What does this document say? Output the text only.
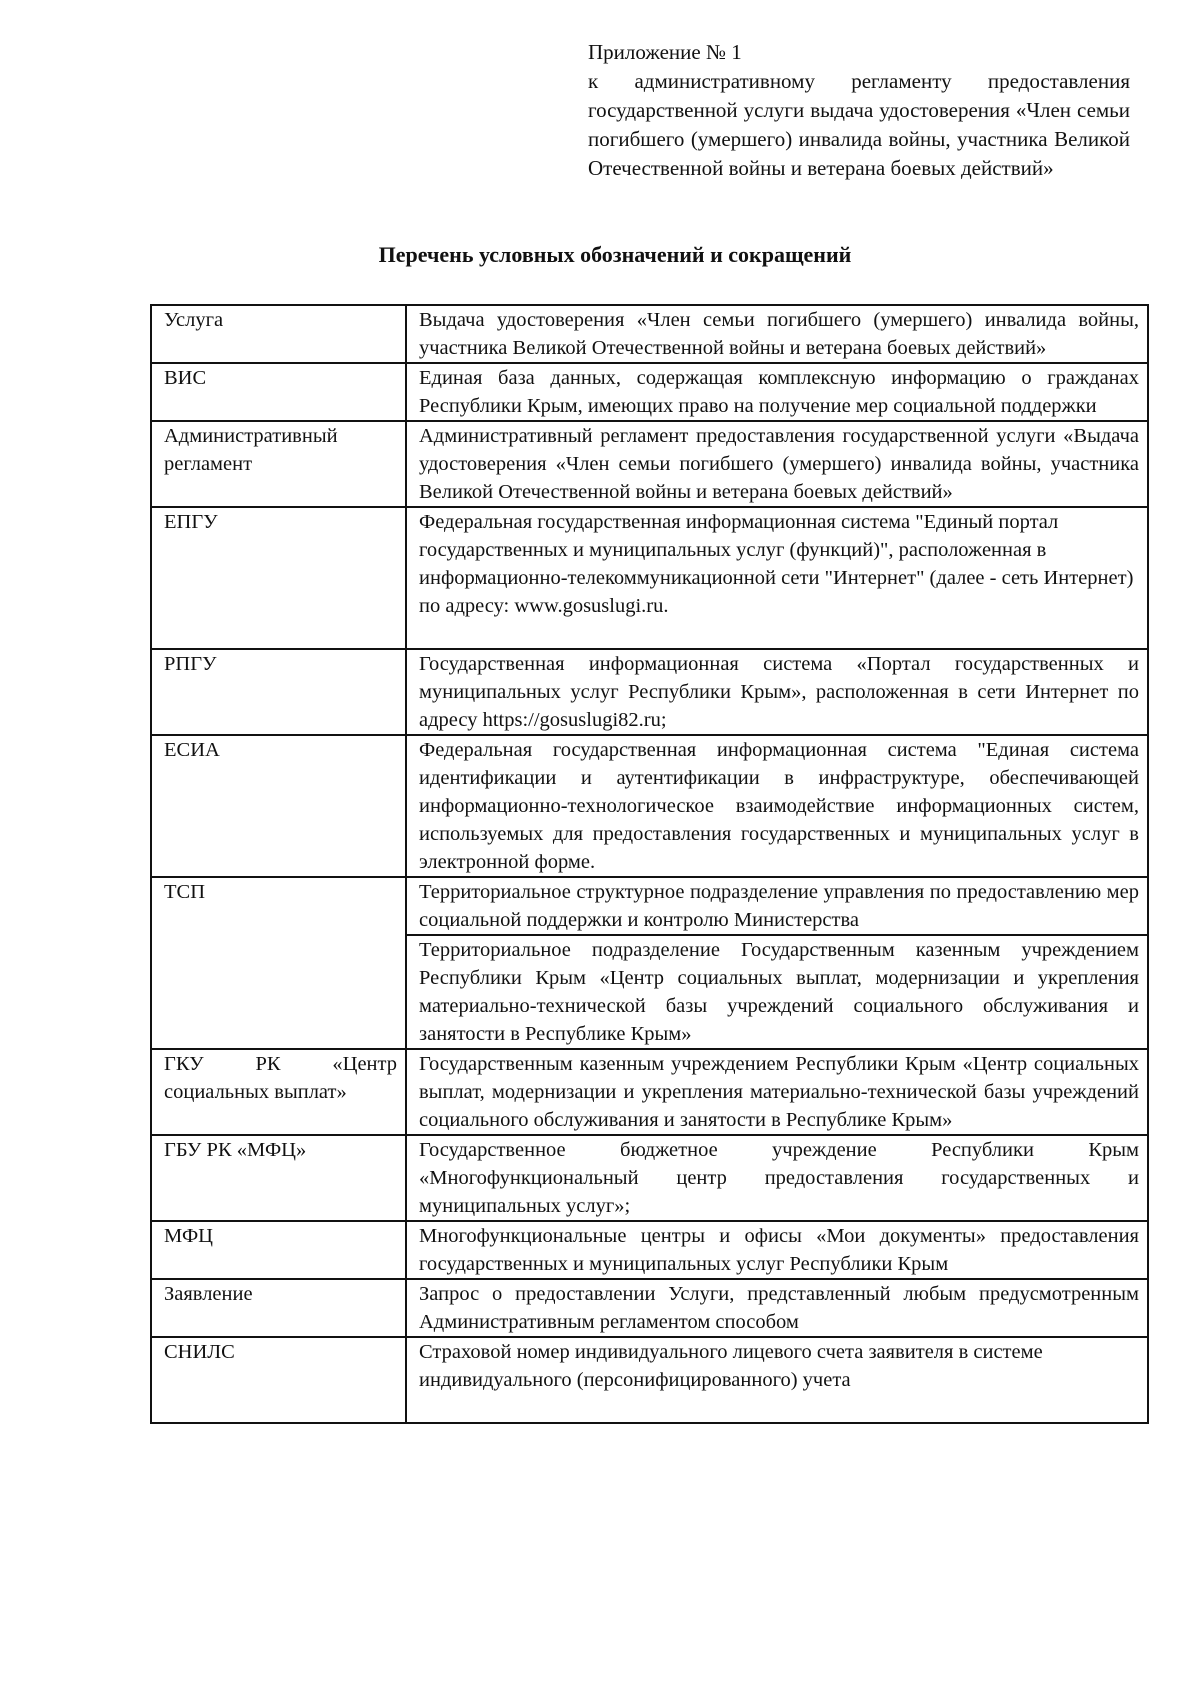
Приложение № 1

к административному регламенту предоставления государственной услуги выдача удостоверения «Член семьи погибшего (умершего) инвалида войны, участника Великой Отечественной войны и ветерана боевых действий»

Перечень условных обозначений и сокращений
Услуга	Выдача удостоверения «Член семьи погибшего (умершего) инвалида войны, участника Великой Отечественной войны и ветерана боевых действий»
ВИС	Единая база данных, содержащая комплексную информацию о гражданах Республики Крым, имеющих право на получение мер социальной поддержки
Административный регламент	Административный регламент предоставления государственной услуги «Выдача удостоверения «Член семьи погибшего (умершего) инвалида войны, участника Великой Отечественной войны и ветерана боевых действий»
ЕПГУ	Федеральная государственная информационная система "Единый портал государственных и муниципальных услуг (функций)", расположенная в информационно-телекоммуникационной сети "Интернет" (далее - сеть Интернет) по адресу: www.gosuslugi.ru.
РПГУ	Государственная информационная система «Портал государственных и муниципальных услуг Республики Крым», расположенная в сети Интернет по адресу https://gosuslugi82.ru;
ЕСИА	Федеральная государственная информационная система "Единая система идентификации и аутентификации в инфраструктуре, обеспечивающей информационно-технологическое взаимодействие информационных систем, используемых для предоставления государственных и муниципальных услуг в электронной форме.
ТСП	Территориальное структурное подразделение управления по предоставлению мер социальной поддержки и контролю Министерства
	Территориальное подразделение Государственным казенным учреждением Республики Крым «Центр социальных выплат, модернизации и укрепления материально-технической базы учреждений социального обслуживания и занятости в Республике Крым»
ГКУ РК «Центр социальных выплат»	Государственным казенным учреждением Республики Крым «Центр социальных выплат, модернизации и укрепления материально-технической базы учреждений социального обслуживания и занятости в Республике Крым»
ГБУ РК «МФЦ»	Государственное бюджетное учреждение Республики Крым «Многофункциональный центр предоставления государственных и муниципальных услуг»;
МФЦ	Многофункциональные центры и офисы «Мои документы» предоставления государственных и муниципальных услуг Республики Крым
Заявление	Запрос о предоставлении Услуги, представленный любым предусмотренным Административным регламентом способом
СНИЛС	Страховой номер индивидуального лицевого счета заявителя в системе индивидуального (персонифицированного) учета
